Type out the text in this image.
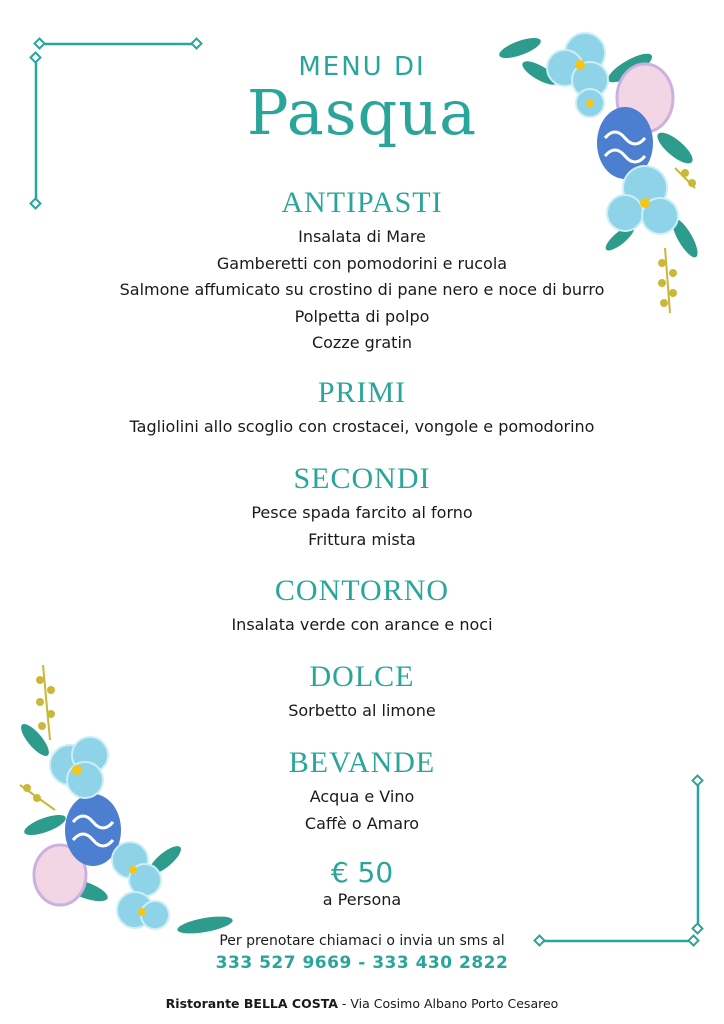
MENU DI
Pasqua
ANTIPASTI
Insalata di Mare
Gamberetti con pomodorini e rucola
Salmone affumicato su crostino di pane nero e noce di burro
Polpetta di polpo
Cozze gratin
PRIMI
Tagliolini allo scoglio con crostacei, vongole e pomodorino
SECONDI
Pesce spada farcito al forno
Frittura mista
CONTORNO
Insalata verde con arance e noci
DOLCE
Sorbetto al limone
BEVANDE
Acqua e Vino
Caffè o Amaro
€ 50
a Persona
Per prenotare chiamaci o invia un sms al
333 527 9669 - 333 430 2822
Ristorante BELLA COSTA - Via Cosimo Albano Porto Cesareo
